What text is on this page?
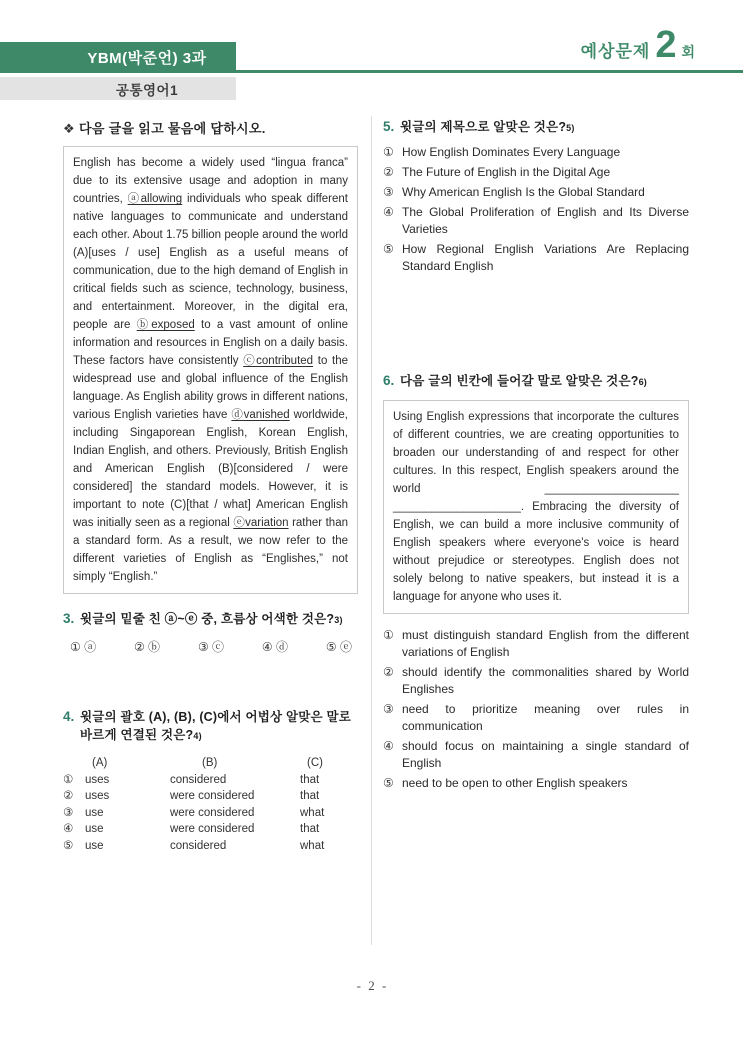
YBM(박준언) 3과
공통영어1
예상문제 2 회
❖ 다음 글을 읽고 물음에 답하시오.
English has become a widely used “lingua franca” due to its extensive usage and adoption in many countries, ⓐallowing individuals who speak different native languages to communicate and understand each other. About 1.75 billion people around the world (A)[uses / use] English as a useful means of communication, due to the high demand of English in critical fields such as science, technology, business, and entertainment. Moreover, in the digital era, people are ⓑexposed to a vast amount of online information and resources in English on a daily basis. These factors have consistently ⓒcontributed to the widespread use and global influence of the English language. As English ability grows in different nations, various English varieties have ⓓvanished worldwide, including Singaporean English, Korean English, Indian English, and others. Previously, British English and American English (B)[considered / were considered] the standard models. However, it is important to note (C)[that / what] American English was initially seen as a regional ⓔvariation rather than a standard form. As a result, we now refer to the different varieties of English as “Englishes,” not simply “English.”
3. 윗글의 밑줄 친 ⓐ~ⓔ 중, 흐름상 어색한 것은?3)
① ⓐ	② ⓑ	③ ⓒ	④ ⓓ	⑤ ⓔ
4. 윗글의 괄호 (A), (B), (C)에서 어법상 알맞은 말로 바르게 연결된 것은?4)
(A)	(B)	(C)
①	uses	considered	that
②	uses	were considered	that
③	use	were considered	what
④	use	were considered	that
⑤	use	considered	what
5. 윗글의 제목으로 알맞은 것은?5)
① How English Dominates Every Language
② The Future of English in the Digital Age
③ Why American English Is the Global Standard
④ The Global Proliferation of English and Its Diverse Varieties
⑤ How Regional English Variations Are Replacing Standard English
6. 다음 글의 빈칸에 들어갈 말로 알맞은 것은?6)
Using English expressions that incorporate the cultures of different countries, we are creating opportunities to broaden our understanding of and respect for other cultures. In this respect, English speakers around the world _____________________ ____________________. Embracing the diversity of English, we can build a more inclusive community of English speakers where everyone's voice is heard without prejudice or stereotypes. English does not solely belong to native speakers, but instead it is a language for anyone who uses it.
① must distinguish standard English from the different variations of English
② should identify the commonalities shared by World Englishes
③ need to prioritize meaning over rules in communication
④ should focus on maintaining a single standard of English
⑤ need to be open to other English speakers
- 2 -
